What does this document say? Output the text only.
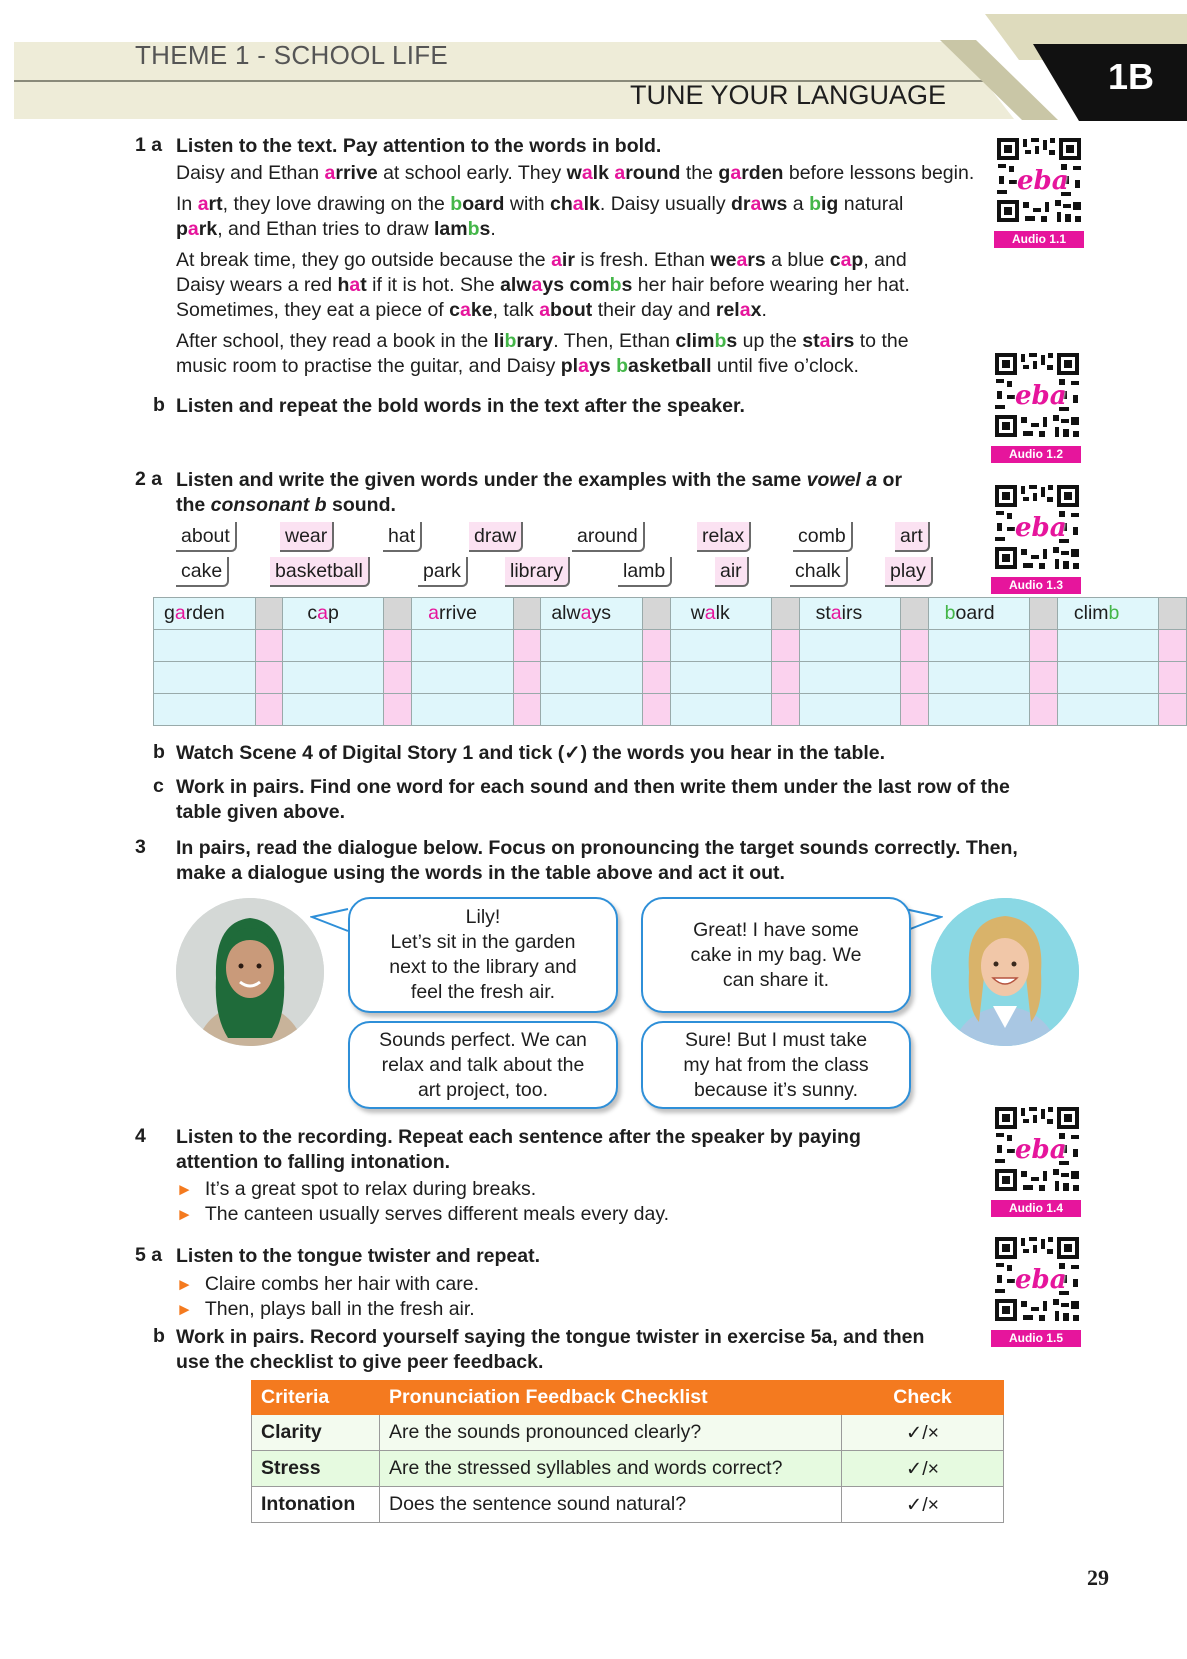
1B
THEME 1 - SCHOOL LIFE
TUNE YOUR LANGUAGE
1 a Listen to the text. Pay attention to the words in bold.
Daisy and Ethan arrive at school early. They walk around the garden before lessons begin.
In art, they love drawing on the board with chalk. Daisy usually draws a big natural
park, and Ethan tries to draw lambs.
At break time, they go outside because the air is fresh. Ethan wears a blue cap, and
Daisy wears a red hat if it is hot. She always combs her hair before wearing her hat.
Sometimes, they eat a piece of cake, talk about their day and relax.
After school, they read a book in the library. Then, Ethan climbs up the stairs to the
music room to practise the guitar, and Daisy plays basketball until five o’clock.
b Listen and repeat the bold words in the text after the speaker.
eba
Audio 1.1
eba
Audio 1.2
eba
Audio 1.3
eba
Audio 1.4
eba
Audio 1.5
2 a Listen and write the given words under the examples with the same vowel a or
the consonant b sound.
about	wear	hat	draw	around	relax	comb	art
cake	basketball	park	library	lamb	air	chalk	play
garden		cap		arrive		always		walk		stairs		board		climb	

b Watch Scene 4 of Digital Story 1 and tick (✓) the words you hear in the table.
c Work in pairs. Find one word for each sound and then write them under the last row of the
table given above.
3 In pairs, read the dialogue below. Focus on pronouncing the target sounds correctly. Then,
make a dialogue using the words in the table above and act it out.
Lily!
Let’s sit in the garden
next to the library and
feel the fresh air.
Great! I have some
cake in my bag. We
can share it.
Sounds perfect. We can
relax and talk about the
art project, too.
Sure! But I must take
my hat from the class
because it’s sunny.
4 Listen to the recording. Repeat each sentence after the speaker by paying
attention to falling intonation.
► It’s a great spot to relax during breaks.
► The canteen usually serves different meals every day.
5 a Listen to the tongue twister and repeat.
► Claire combs her hair with care.
► Then, plays ball in the fresh air.
b Work in pairs. Record yourself saying the tongue twister in exercise 5a, and then
use the checklist to give peer feedback.
Criteria	Pronunciation Feedback Checklist	Check
Clarity	Are the sounds pronounced clearly?	✓/×
Stress	Are the stressed syllables and words correct?	✓/×
Intonation	Does the sentence sound natural?	✓/×
29
